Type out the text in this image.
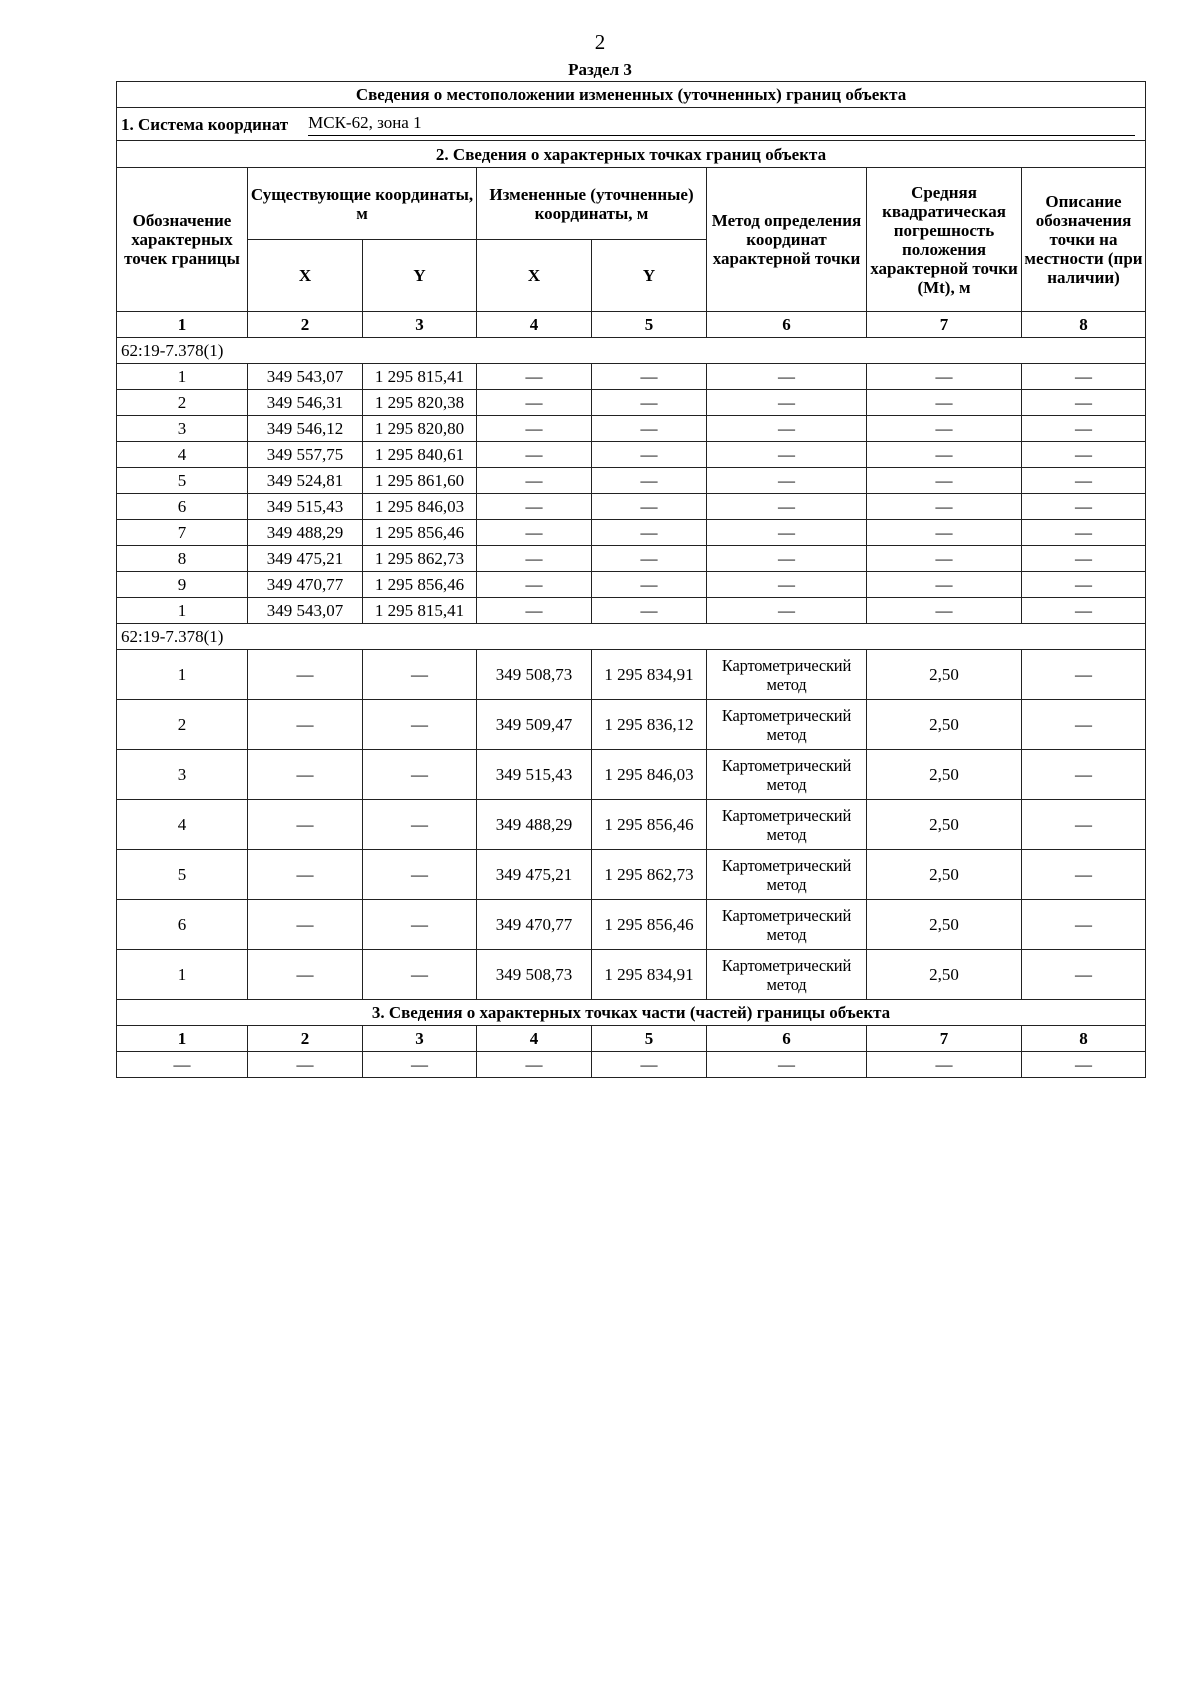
2
Раздел 3
Сведения о местоположении измененных (уточненных) границ объекта							

1. Система координат МСК-62, зона 1							

2. Сведения о характерных точках границ объекта							
Обозначение характерных точек границы	Существующие координаты, м		Измененные (уточненные) координаты, м		Метод определения координат характерной точки	Средняя квадратическая погрешность положения характерной точки (Mt), м	Описание обозначения точки на местности (при наличии)
	X	Y	X	Y			
1	2	3	4	5	6	7	8
62:19-7.378(1)							
1	349 543,07	1 295 815,41	—	—	—	—	—
2	349 546,31	1 295 820,38	—	—	—	—	—
3	349 546,12	1 295 820,80	—	—	—	—	—
4	349 557,75	1 295 840,61	—	—	—	—	—
5	349 524,81	1 295 861,60	—	—	—	—	—
6	349 515,43	1 295 846,03	—	—	—	—	—
7	349 488,29	1 295 856,46	—	—	—	—	—
8	349 475,21	1 295 862,73	—	—	—	—	—
9	349 470,77	1 295 856,46	—	—	—	—	—
1	349 543,07	1 295 815,41	—	—	—	—	—
62:19-7.378(1)							
1	—	—	349 508,73	1 295 834,91	Картометрический метод	2,50	—
2	—	—	349 509,47	1 295 836,12	Картометрический метод	2,50	—
3	—	—	349 515,43	1 295 846,03	Картометрический метод	2,50	—
4	—	—	349 488,29	1 295 856,46	Картометрический метод	2,50	—
5	—	—	349 475,21	1 295 862,73	Картометрический метод	2,50	—
6	—	—	349 470,77	1 295 856,46	Картометрический метод	2,50	—
1	—	—	349 508,73	1 295 834,91	Картометрический метод	2,50	—
3. Сведения о характерных точках части (частей) границы объекта							
1	2	3	4	5	6	7	8
—	—	—	—	—	—	—	—
